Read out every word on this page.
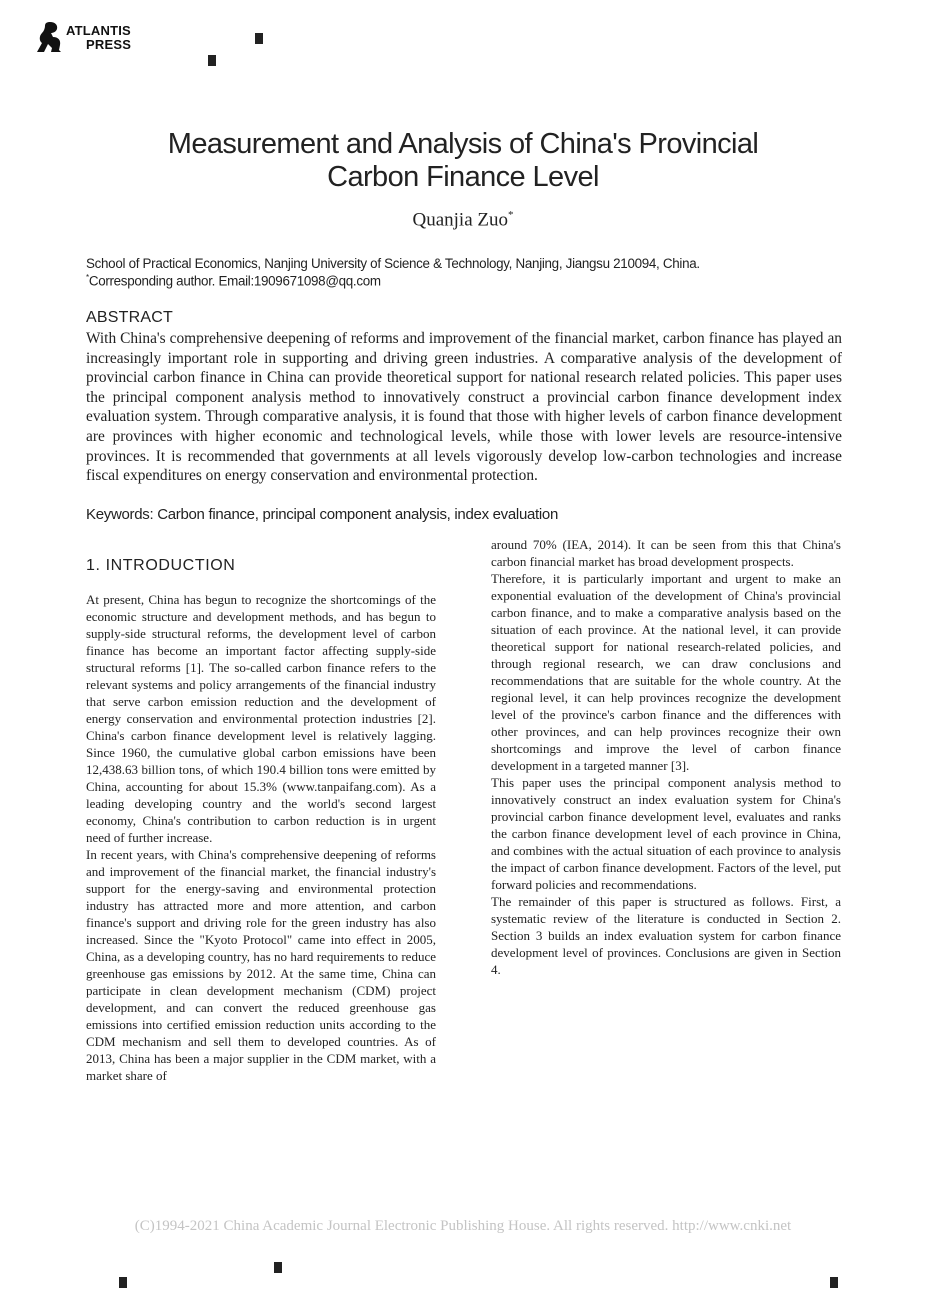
ATLANTIS
PRESS
Measurement and Analysis of China's Provincial
Carbon Finance Level
Quanjia Zuo*
School of Practical Economics, Nanjing University of Science & Technology, Nanjing, Jiangsu 210094, China.
*Corresponding author. Email:1909671098@qq.com
ABSTRACT
With China's comprehensive deepening of reforms and improvement of the financial market, carbon finance has played an increasingly important role in supporting and driving green industries. A comparative analysis of the development of provincial carbon finance in China can provide theoretical support for national research related policies. This paper uses the principal component analysis method to innovatively construct a provincial carbon finance development index evaluation system. Through comparative analysis, it is found that those with higher levels of carbon finance development are provinces with higher economic and technological levels, while those with lower levels are resource-intensive provinces. It is recommended that governments at all levels vigorously develop low-carbon technologies and increase fiscal expenditures on energy conservation and environmental protection.
Keywords: Carbon finance, principal component analysis, index evaluation
1. INTRODUCTION

At present, China has begun to recognize the shortcomings of the economic structure and development methods, and has begun to supply-side structural reforms, the development level of carbon finance has become an important factor affecting supply-side structural reforms [1]. The so-called carbon finance refers to the relevant systems and policy arrangements of the financial industry that serve carbon emission reduction and the development of energy conservation and environmental protection industries [2]. China's carbon finance development level is relatively lagging. Since 1960, the cumulative global carbon emissions have been 12,438.63 billion tons, of which 190.4 billion tons were emitted by China, accounting for about 15.3% (www.tanpaifang.com). As a leading developing country and the world's second largest economy, China's contribution to carbon reduction is in urgent need of further increase.

In recent years, with China's comprehensive deepening of reforms and improvement of the financial market, the financial industry's support for the energy-saving and environmental protection industry has attracted more and more attention, and carbon finance's support and driving role for the green industry has also increased. Since the "Kyoto Protocol" came into effect in 2005, China, as a developing country, has no hard requirements to reduce greenhouse gas emissions by 2012. At the same time, China can participate in clean development mechanism (CDM) project development, and can convert the reduced greenhouse gas emissions into certified emission reduction units according to the CDM mechanism and sell them to developed countries. As of 2013, China has been a major supplier in the CDM market, with a market share of

around 70% (IEA, 2014). It can be seen from this that China's carbon financial market has broad development prospects.

Therefore, it is particularly important and urgent to make an exponential evaluation of the development of China's provincial carbon finance, and to make a comparative analysis based on the situation of each province. At the national level, it can provide theoretical support for national research-related policies, and through regional research, we can draw conclusions and recommendations that are suitable for the whole country. At the regional level, it can help provinces recognize the development level of the province's carbon finance and the differences with other provinces, and can help provinces recognize their own shortcomings and improve the level of carbon finance development in a targeted manner [3].

This paper uses the principal component analysis method to innovatively construct an index evaluation system for China's provincial carbon finance development level, evaluates and ranks the carbon finance development level of each province in China, and combines with the actual situation of each province to analysis the impact of carbon finance development. Factors of the level, put forward policies and recommendations.

The remainder of this paper is structured as follows. First, a systematic review of the literature is conducted in Section 2. Section 3 builds an index evaluation system for carbon finance development level of provinces. Conclusions are given in Section 4.

(C)1994-2021 China Academic Journal Electronic Publishing House. All rights reserved. http://www.cnki.net
